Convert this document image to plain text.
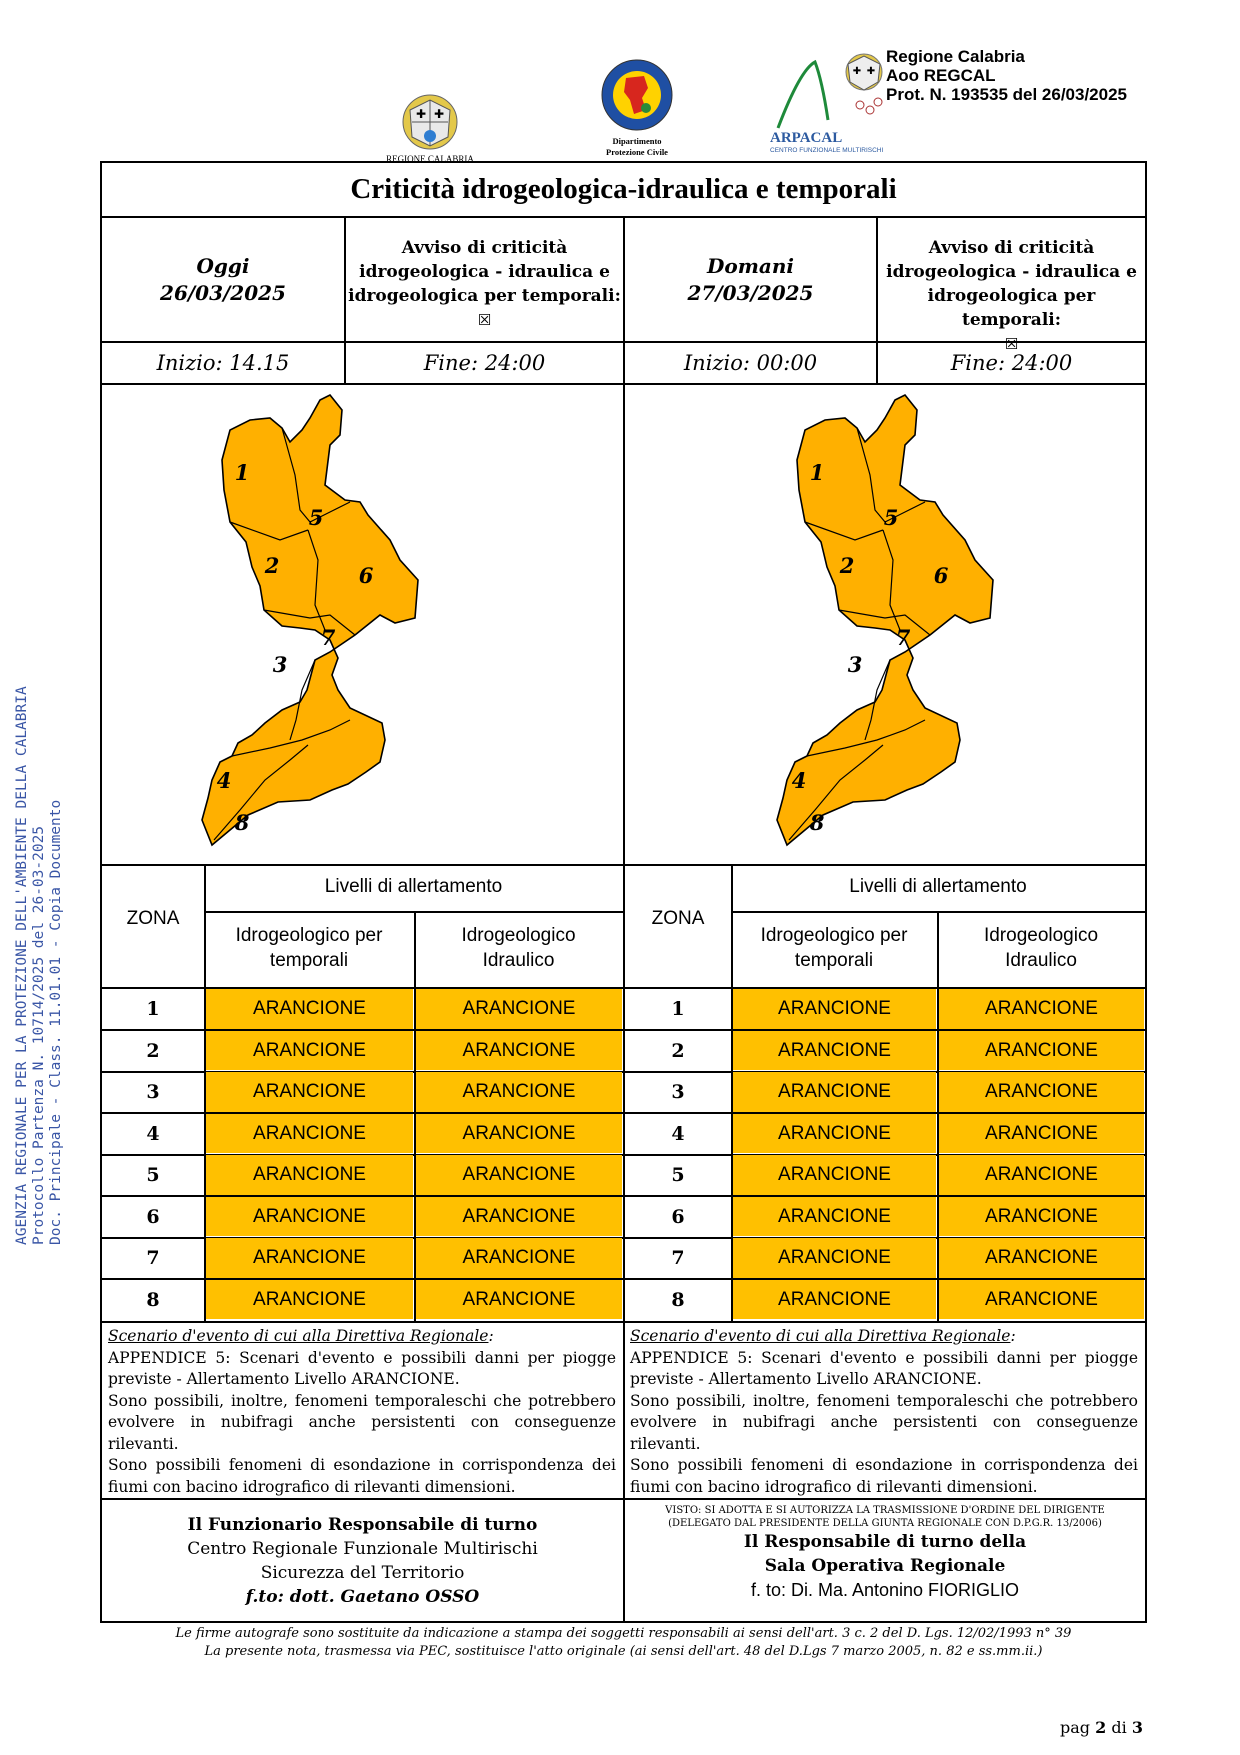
AGENZIA REGIONALE PER LA PROTEZIONE DELL'AMBIENTE DELLA CALABRIA Protocollo Partenza N. 10714/2025 del 26-03-2025 Doc. Principale - Class. 11.01.01 - Copia Documento
✚ ✚
REGIONE CALABRIA
Dipartimento
Protezione Civile
✚ ✚
ARPACAL
CENTRO FUNZIONALE MULTIRISCHI
Regione Calabria
Aoo REGCAL
Prot. N. 193535 del 26/03/2025
Criticità idrogeologica-idraulica e temporali
Oggi
26/03/2025
Avviso di criticità
idrogeologica - idraulica e
idrogeologica per temporali:
☒
Domani
27/03/2025
Avviso di criticità
idrogeologica - idraulica e
idrogeologica per temporali:
☒
Inizio: 14.15	Fine: 24:00	Inizio: 00:00	Fine: 24:00
1
2
3
4
5
6
7
8
1
2
3
4
5
6
7
8
ZONA
Livelli di allertamento
Idrogeologico per
temporali
Idrogeologico
Idraulico
1	ARANCIONE	ARANCIONE
2	ARANCIONE	ARANCIONE
3	ARANCIONE	ARANCIONE
4	ARANCIONE	ARANCIONE
5	ARANCIONE	ARANCIONE
6	ARANCIONE	ARANCIONE
7	ARANCIONE	ARANCIONE
8	ARANCIONE	ARANCIONE
ZONA
Livelli di allertamento
Idrogeologico per
temporali
Idrogeologico
Idraulico
1	ARANCIONE	ARANCIONE
2	ARANCIONE	ARANCIONE
3	ARANCIONE	ARANCIONE
4	ARANCIONE	ARANCIONE
5	ARANCIONE	ARANCIONE
6	ARANCIONE	ARANCIONE
7	ARANCIONE	ARANCIONE
8	ARANCIONE	ARANCIONE
Scenario d'evento di cui alla Direttiva Regionale:
APPENDICE 5: Scenari d'evento e possibili danni per piogge previste - Allertamento Livello ARANCIONE.
Sono possibili, inoltre, fenomeni temporaleschi che potrebbero evolvere in nubifragi anche persistenti con conseguenze rilevanti.
Sono possibili fenomeni di esondazione in corrispondenza dei fiumi con bacino idrografico di rilevanti dimensioni.
Scenario d'evento di cui alla Direttiva Regionale:
APPENDICE 5: Scenari d'evento e possibili danni per piogge previste - Allertamento Livello ARANCIONE.
Sono possibili, inoltre, fenomeni temporaleschi che potrebbero evolvere in nubifragi anche persistenti con conseguenze rilevanti.
Sono possibili fenomeni di esondazione in corrispondenza dei fiumi con bacino idrografico di rilevanti dimensioni.
Il Funzionario Responsabile di turno
Centro Regionale Funzionale Multirischi
Sicurezza del Territorio
f.to: dott. Gaetano OSSO
VISTO: SI ADOTTA E SI AUTORIZZA LA TRASMISSIONE D'ORDINE DEL DIRIGENTE
(DELEGATO DAL PRESIDENTE DELLA GIUNTA REGIONALE CON D.P.G.R. 13/2006)
Il Responsabile di turno della
Sala Operativa Regionale
f. to: Di. Ma. Antonino FIORIGLIO
Le firme autografe sono sostituite da indicazione a stampa dei soggetti responsabili ai sensi dell'art. 3 c. 2 del D. Lgs. 12/02/1993 n° 39
La presente nota, trasmessa via PEC, sostituisce l'atto originale (ai sensi dell'art. 48 del D.Lgs 7 marzo 2005, n. 82 e ss.mm.ii.)
pag 2 di 3
